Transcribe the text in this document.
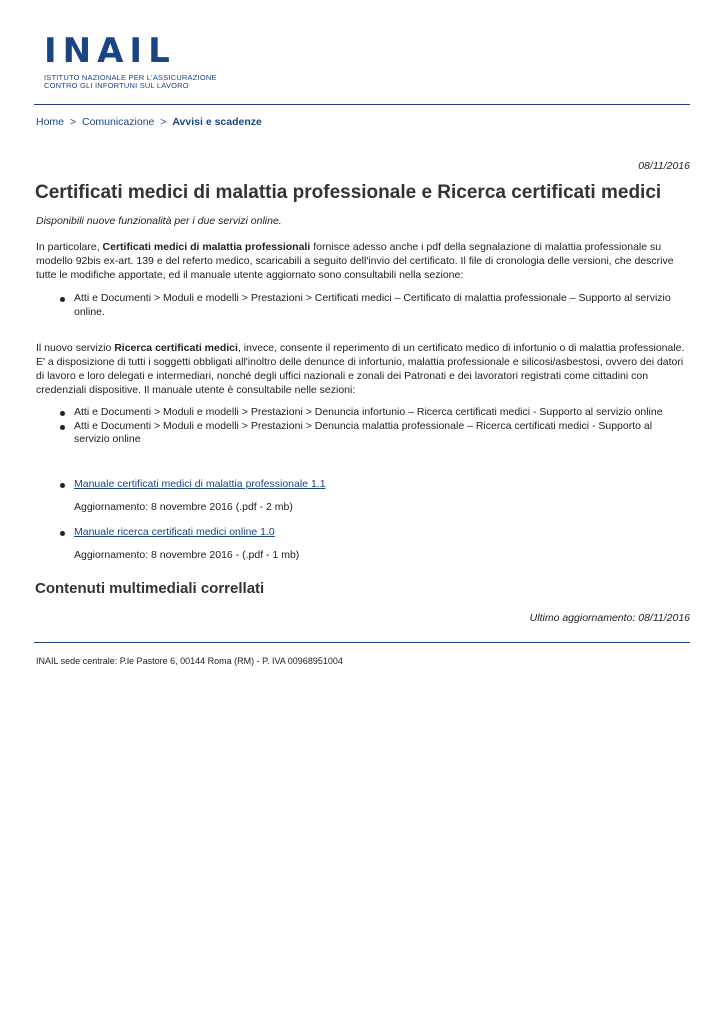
INAIL
ISTITUTO NAZIONALE PER L'ASSICURAZIONE
CONTRO GLI INFORTUNI SUL LAVORO
Home > Comunicazione > Avvisi e scadenze
08/11/2016
Certificati medici di malattia professionale e Ricerca certificati medici
Disponibili nuove funzionalità per i due servizi online.

In particolare, Certificati medici di malattia professionali fornisce adesso anche i pdf della segnalazione di malattia professionale su modello 92bis ex-art. 139 e del referto medico, scaricabili a seguito dell'invio del certificato. Il file di cronologia delle versioni, che descrive tutte le modifiche apportate, ed il manuale utente aggiornato sono consultabili nella sezione:

Atti e Documenti > Moduli e modelli > Prestazioni > Certificati medici – Certificato di malattia professionale – Supporto al servizio online.

Il nuovo servizio Ricerca certificati medici, invece, consente il reperimento di un certificato medico di infortunio o di malattia professionale. E' a disposizione di tutti i soggetti obbligati all'inoltro delle denunce di infortunio, malattia professionale e silicosi/asbestosi, ovvero dei datori di lavoro e loro delegati e intermediari, nonché degli uffici nazionali e zonali dei Patronati e dei lavoratori registrati come cittadini con credenziali dispositive. Il manuale utente è consultabile nelle sezioni:

Atti e Documenti > Moduli e modelli > Prestazioni > Denuncia infortunio – Ricerca certificati medici - Supporto al servizio online
Atti e Documenti > Moduli e modelli > Prestazioni > Denuncia malattia professionale – Ricerca certificati medici - Supporto al servizio online
Manuale certificati medici di malattia professionale 1.1
Aggiornamento: 8 novembre 2016 (.pdf - 2 mb)
Manuale ricerca certificati medici online 1.0
Aggiornamento: 8 novembre 2016 - (.pdf - 1 mb)
Contenuti multimediali correllati
Ultimo aggiornamento: 08/11/2016
INAIL sede centrale: P.le Pastore 6, 00144 Roma (RM) - P. IVA 00968951004
